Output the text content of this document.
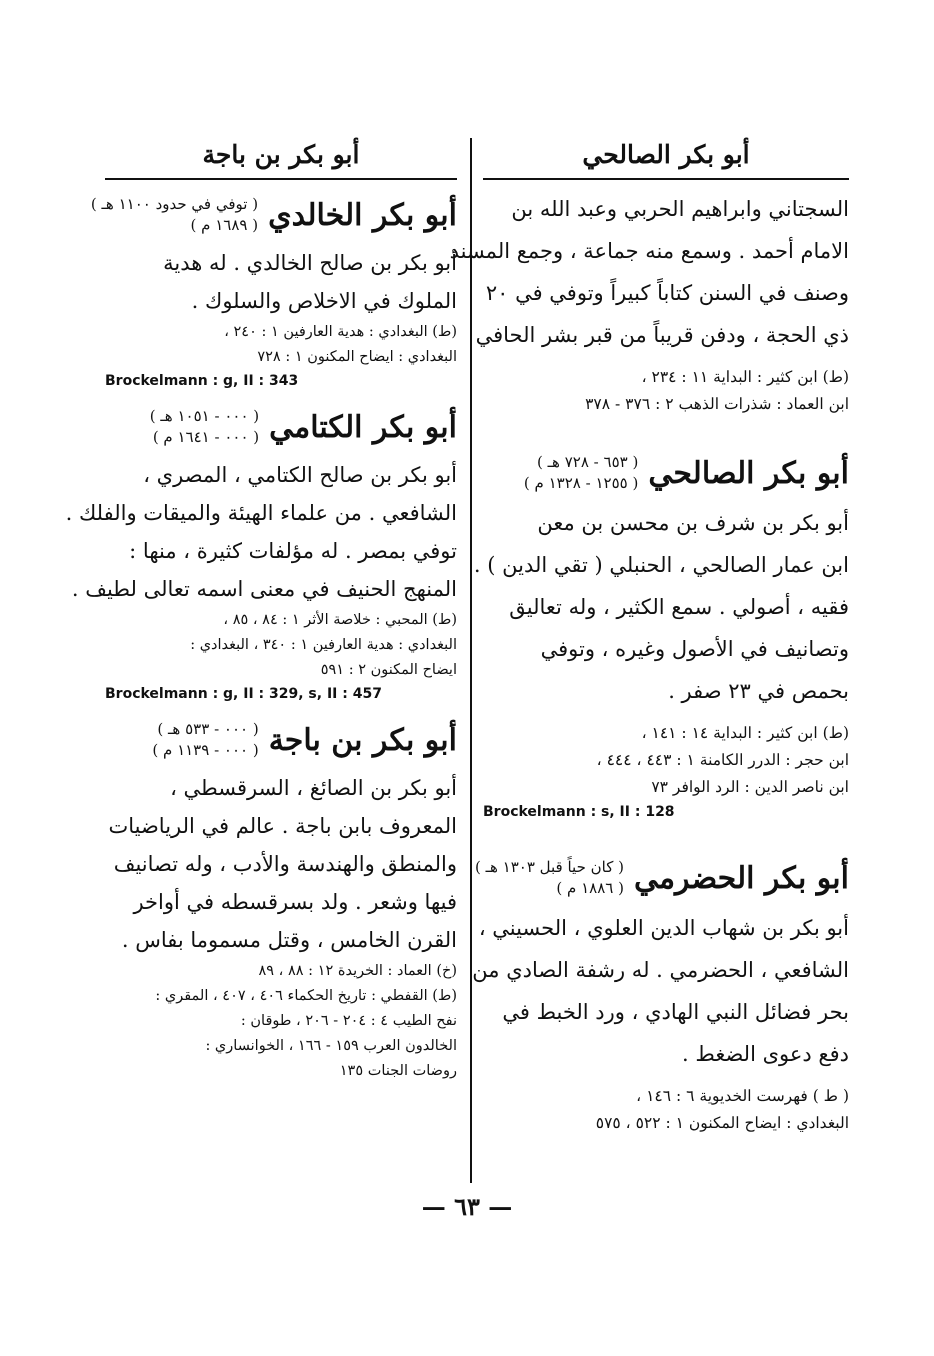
أبو بكر الصالحي

السجتاني وابراهيم الحربي وعبد الله بن

الامام أحمد . وسمع منه جماعة ، وجمع المسند

وصنف في السنن كتاباً كبيراً وتوفي في ٢٠

ذي الحجة ، ودفن قريباً من قبر بشر الحافي

(ط) ابن كثير : البداية ١١ : ٢٣٤ ،

ابن العماد : شذرات الذهب ٢ : ٣٧٦ - ٣٧٨

أبو بكر الصالحي
( ٦٥٣ - ٧٢٨ هـ )
( ١٢٥٥ - ١٣٢٨ م )

أبو بكر بن شرف بن محسن بن معن

ابن عمار الصالحي ، الحنبلي ( تقي الدين ) .

فقيه ، أصولي . سمع الكثير ، وله تعاليق

وتصانيف في الأصول وغيره ، وتوفي

بحمص في ٢٣ صفر .

(ط) ابن كثير : البداية ١٤ : ١٤١ ،

ابن حجر : الدرر الكامنة ١ : ٤٤٣ ، ٤٤٤ ،

ابن ناصر الدين : الرد الوافر ٧٣

Brockelmann : s, II : 128

أبو بكر الحضرمي
( كان حياً قبل ١٣٠٣ هـ )
( ١٨٨٦ م )

أبو بكر بن شهاب الدين العلوي ، الحسيني ،

الشافعي ، الحضرمي . له رشفة الصادي من

بحر فضائل النبي الهادي ، ورد الخبط في

دفع دعوى الضغط .

( ط ) فهرست الخديوية ٦ : ١٤٦ ،

البغدادي : ايضاح المكنون ١ : ٥٢٢ ، ٥٧٥

أبو بكر بن باجة
أبو بكر الخالدي
( توفي في حدود ١١٠٠ هـ )
( ١٦٨٩ م )

أبو بكر بن صالح الخالدي . له هدية

الملوك في الاخلاص والسلوك .

(ط) البغدادي : هدية العارفين ١ : ٢٤٠ ،

البغدادي : ايضاح المكنون ١ : ٧٢٨

Brockelmann : g, II : 343

أبو بكر الكتامي
( ٠٠٠ - ١٠٥١ هـ )
( ٠٠٠ - ١٦٤١ م )

أبو بكر بن صالح الكتامي ، المصري ،

الشافعي . من علماء الهيئة والميقات والفلك .

توفي بمصر . له مؤلفات كثيرة ، منها :

المنهج الحنيف في معنى اسمه تعالى لطيف .

(ط) المحبي : خلاصة الأثر ١ : ٨٤ ، ٨٥ ،

البغدادي : هدية العارفين ١ : ٣٤٠ ، البغدادي :

ايضاح المكنون ٢ : ٥٩١

Brockelmann : g, II : 329, s, II : 457

أبو بكر بن باجة
( ٠٠٠ - ٥٣٣ هـ )
( ٠٠٠ - ١١٣٩ م )

أبو بكر بن الصائغ ، السرقسطي ،

المعروف بابن باجة . عالم في الرياضيات

والمنطق والهندسة والأدب ، وله تصانيف

فيها وشعر . ولد بسرقسطه في أواخر

القرن الخامس ، وقتل مسموما بفاس .

(خ) العماد : الخريدة ١٢ : ٨٨ ، ٨٩

(ط) القفطي : تاريخ الحكماء ٤٠٦ ، ٤٠٧ ، المقري :

نفح الطيب ٤ : ٢٠٤ - ٢٠٦ ، طوقان :

الخالدون العرب ١٥٩ - ١٦٦ ، الخوانساري :

روضات الجنات ١٣٥

— ٦٣ —
